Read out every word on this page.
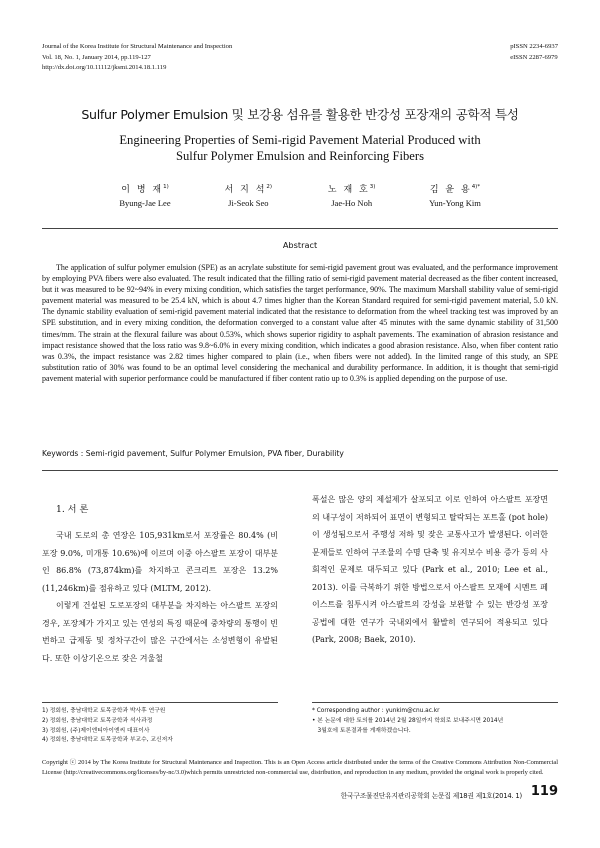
Journal of the Korea Institute for Structural Maintenance and Inspection
Vol. 18, No. 1, January 2014, pp.119-127
http://dx.doi.org/10.11112/jksmi.2014.18.1.119
pISSN 2234-6937
eISSN 2287-6979
Sulfur Polymer Emulsion 및 보강용 섬유를 활용한 반강성 포장재의 공학적 특성
Engineering Properties of Semi-rigid Pavement Material Produced with
Sulfur Polymer Emulsion and Reinforcing Fibers
이 병 재$^{1)}$
Byung-Jae Lee
서 지 석$^{2)}$
Ji-Seok Seo
노 재 호$^{3)}$
Jae-Ho Noh
김 윤 용$^{4)*}$
Yun-Yong Kim
Abstract
The application of sulfur polymer emulsion (SPE) as an acrylate substitute for semi-rigid pavement grout was evaluated, and the performance improvement by employing PVA fibers were also evaluated. The result indicated that the filling ratio of semi-rigid pavement material decreased as the fiber content increased, but it was measured to be 92~94% in every mixing condition, which satisfies the target performance, 90%. The maximum Marshall stability value of semi-rigid pavement material was measured to be 25.4 kN, which is about 4.7 times higher than the Korean Standard required for semi-rigid pavement material, 5.0 kN. The dynamic stability evaluation of semi-rigid pavement material indicated that the resistance to deformation from the wheel tracking test was improved by an SPE substitution, and in every mixing condition, the deformation converged to a constant value after 45 minutes with the same dynamic stability of 31,500 times/mm. The strain at the flexural failure was about 0.53%, which shows superior rigidity to asphalt pavements. The examination of abrasion resistance and impact resistance showed that the loss ratio was 9.8~6.0% in every mixing condition, which indicates a good abrasion resistance. Also, when fiber content ratio was 0.3%, the impact resistance was 2.82 times higher compared to plain (i.e., when fibers were not added). In the limited range of this study, an SPE substitution ratio of 30% was found to be an optimal level considering the mechanical and durability performance. In addition, it is thought that semi-rigid pavement material with superior performance could be manufactured if fiber content ratio up to 0.3% is applied depending on the purpose of use.
Keywords : Semi-rigid pavement, Sulfur Polymer Emulsion, PVA fiber, Durability
1. 서 론

국내 도로의 총 연장은 105,931km로서 포장률은 80.4% (비포장 9.0%, 미개통 10.6%)에 이르며 이중 아스팔트 포장이 대부분인 86.8% (73,874km)를 차지하고 콘크리트 포장은 13.2% (11,246km)를 점유하고 있다 (MLTM, 2012).

이렇게 건설된 도로포장의 대부분을 차지하는 아스팔트 포장의 경우, 포장체가 가지고 있는 연성의 특징 때문에 중차량의 통행이 빈번하고 급제동 및 정차구간이 많은 구간에서는 소성변형이 유발된다. 또한 이상기온으로 잦은 겨울철

폭설은 많은 양의 제설제가 살포되고 이로 인하여 아스팔트 포장면의 내구성이 저하되어 표면이 변형되고 탈락되는 포트홀 (pot hole)이 생성됨으로서 주행성 저하 및 잦은 교통사고가 발생된다. 이러한 문제들로 인하여 구조물의 수명 단축 및 유지보수 비용 증가 등의 사회적인 문제로 대두되고 있다 (Park et al., 2010; Lee et al., 2013). 이를 극복하기 위한 방법으로서 아스팔트 모재에 시멘트 페이스트를 침투시켜 아스팔트의 강성을 보완할 수 있는 반강성 포장공법에 대한 연구가 국내외에서 활발히 연구되어 적용되고 있다 (Park, 2008; Baek, 2010).

1) 정회원, 충남대학교 토목공학과 박사후 연구원
2) 정회원, 충남대학교 토목공학과 석사과정
3) 정회원, (주)제이엔티아이엔씨 대표이사
4) 정회원, 충남대학교 토목공학과 부교수, 교신저자
* Corresponding author : yunkim@cnu.ac.kr
• 본 논문에 대한 토의를 2014년 2월 28일까지 학회로 보내주시면 2014년
3월호에 토론결과를 게재하겠습니다.
Copyright ⓒ 2014 by The Korea Institute for Structural Maintenance and Inspection. This is an Open Access article distributed under the terms of the Creative Commons Attribution Non-Commercial License (http://creativecommons.org/licenses/by-nc/3.0)which permits unrestricted non-commercial use, distribution, and reproduction in any medium, provided the original work is properly cited.
한국구조물진단유지관리공학회 논문집 제18권 제1호(2014. 1) 119
